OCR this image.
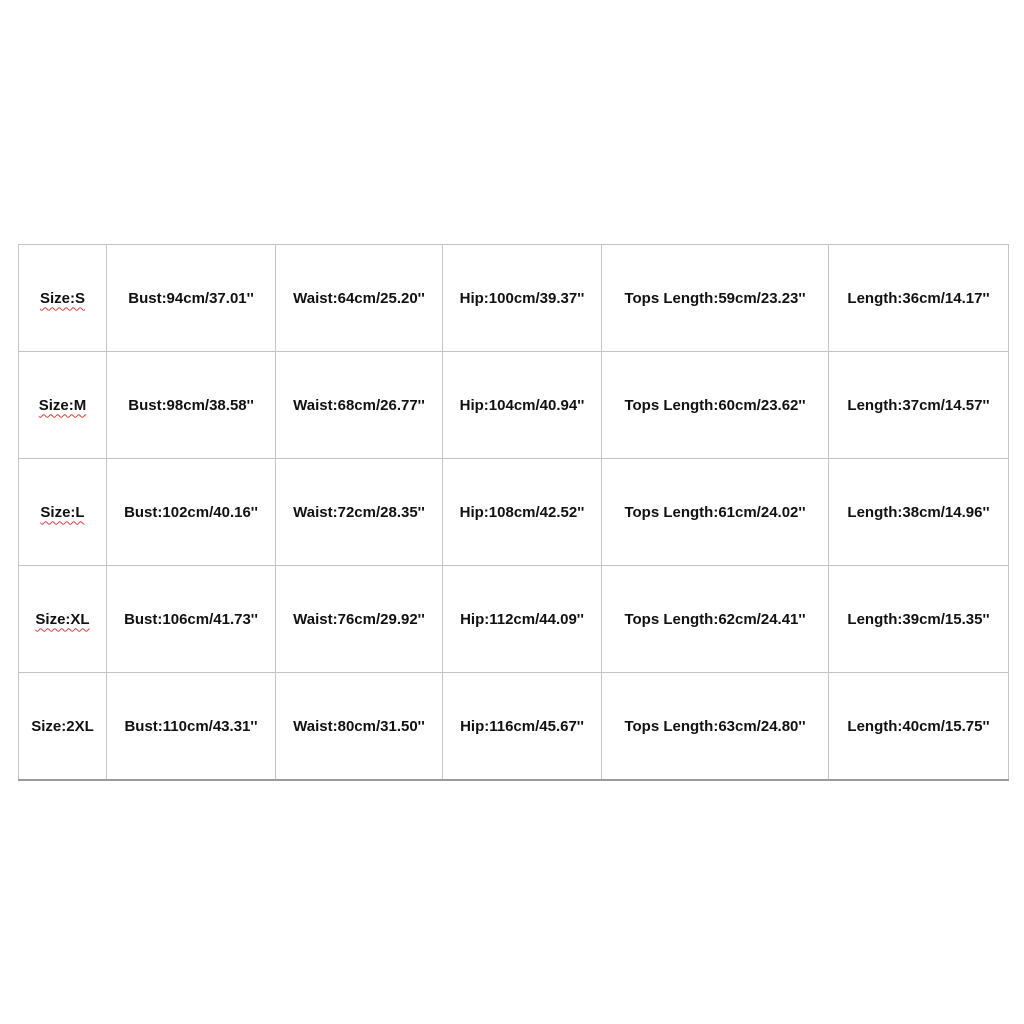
Size:S	Bust:94cm/37.01''	Waist:64cm/25.20''	Hip:100cm/39.37''	Tops Length:59cm/23.23''	Length:36cm/14.17''
Size:M	Bust:98cm/38.58''	Waist:68cm/26.77''	Hip:104cm/40.94''	Tops Length:60cm/23.62''	Length:37cm/14.57''
Size:L	Bust:102cm/40.16''	Waist:72cm/28.35''	Hip:108cm/42.52''	Tops Length:61cm/24.02''	Length:38cm/14.96''
Size:XL	Bust:106cm/41.73''	Waist:76cm/29.92''	Hip:112cm/44.09''	Tops Length:62cm/24.41''	Length:39cm/15.35''
Size:2XL	Bust:110cm/43.31''	Waist:80cm/31.50''	Hip:116cm/45.67''	Tops Length:63cm/24.80''	Length:40cm/15.75''
